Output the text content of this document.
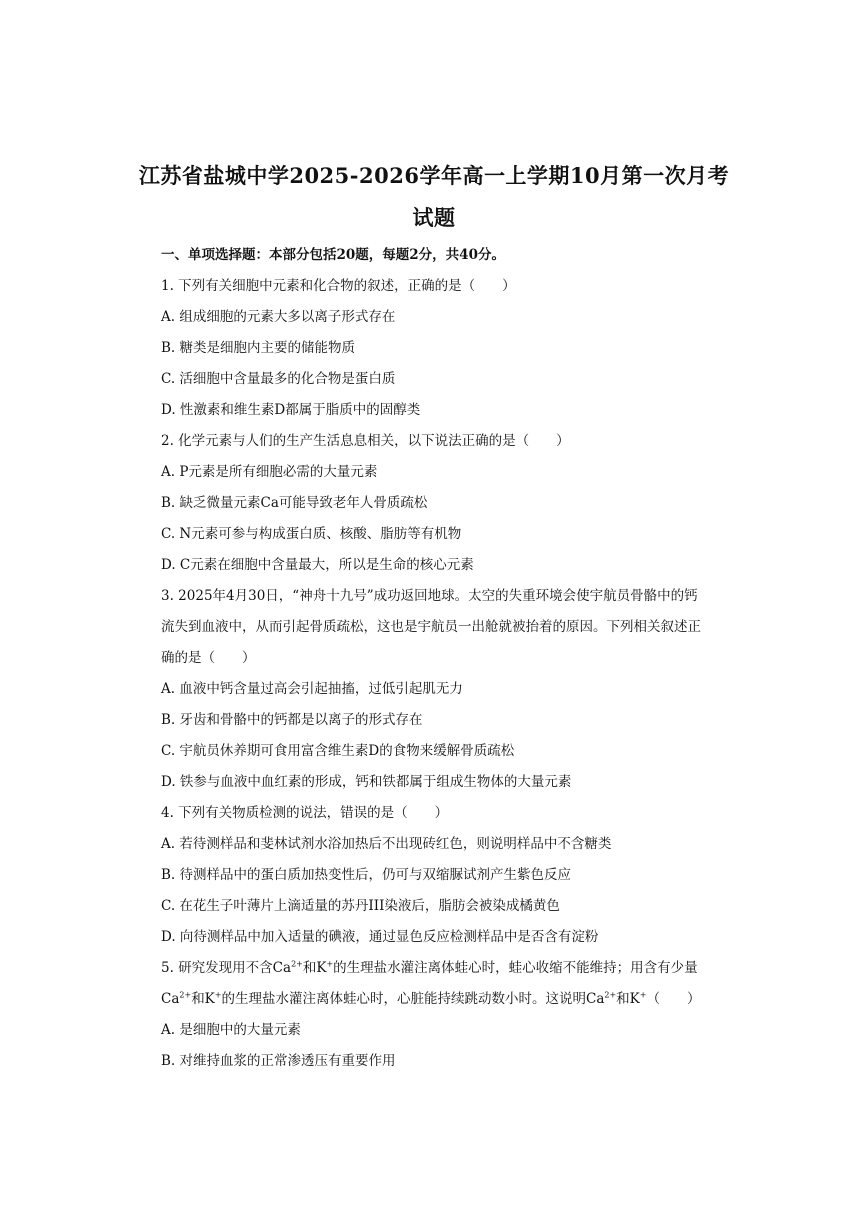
江苏省盐城中学2025-2026学年高一上学期10月第一次月考
试题
一、单项选择题：本部分包括20题，每题2分，共40分。
1. 下列有关细胞中元素和化合物的叙述，正确的是（　　）
A. 组成细胞的元素大多以离子形式存在
B. 糖类是细胞内主要的储能物质
C. 活细胞中含量最多的化合物是蛋白质
D. 性激素和维生素D都属于脂质中的固醇类
2. 化学元素与人们的生产生活息息相关，以下说法正确的是（　　）
A. P元素是所有细胞必需的大量元素
B. 缺乏微量元素Ca可能导致老年人骨质疏松
C. N元素可参与构成蛋白质、核酸、脂肪等有机物
D. C元素在细胞中含量最大，所以是生命的核心元素
3. 2025年4月30日，“神舟十九号”成功返回地球。太空的失重环境会使宇航员骨骼中的钙
流失到血液中，从而引起骨质疏松，这也是宇航员一出舱就被抬着的原因。下列相关叙述正
确的是（　　）
A. 血液中钙含量过高会引起抽搐，过低引起肌无力
B. 牙齿和骨骼中的钙都是以离子的形式存在
C. 宇航员休养期可食用富含维生素D的食物来缓解骨质疏松
D. 铁参与血液中血红素的形成，钙和铁都属于组成生物体的大量元素
4. 下列有关物质检测的说法，错误的是（　　）
A. 若待测样品和斐林试剂水浴加热后不出现砖红色，则说明样品中不含糖类
B. 待测样品中的蛋白质加热变性后，仍可与双缩脲试剂产生紫色反应
C. 在花生子叶薄片上滴适量的苏丹III染液后，脂肪会被染成橘黄色
D. 向待测样品中加入适量的碘液，通过显色反应检测样品中是否含有淀粉
5. 研究发现用不含$Ca^{2+}$和K+的生理盐水灌注离体蛙心时，蛙心收缩不能维持；用含有少量
$Ca^{2+}$和K+的生理盐水灌注离体蛙心时，心脏能持续跳动数小时。这说明$Ca^{2+}$和K+（　　）
A. 是细胞中的大量元素
B. 对维持血浆的正常渗透压有重要作用
